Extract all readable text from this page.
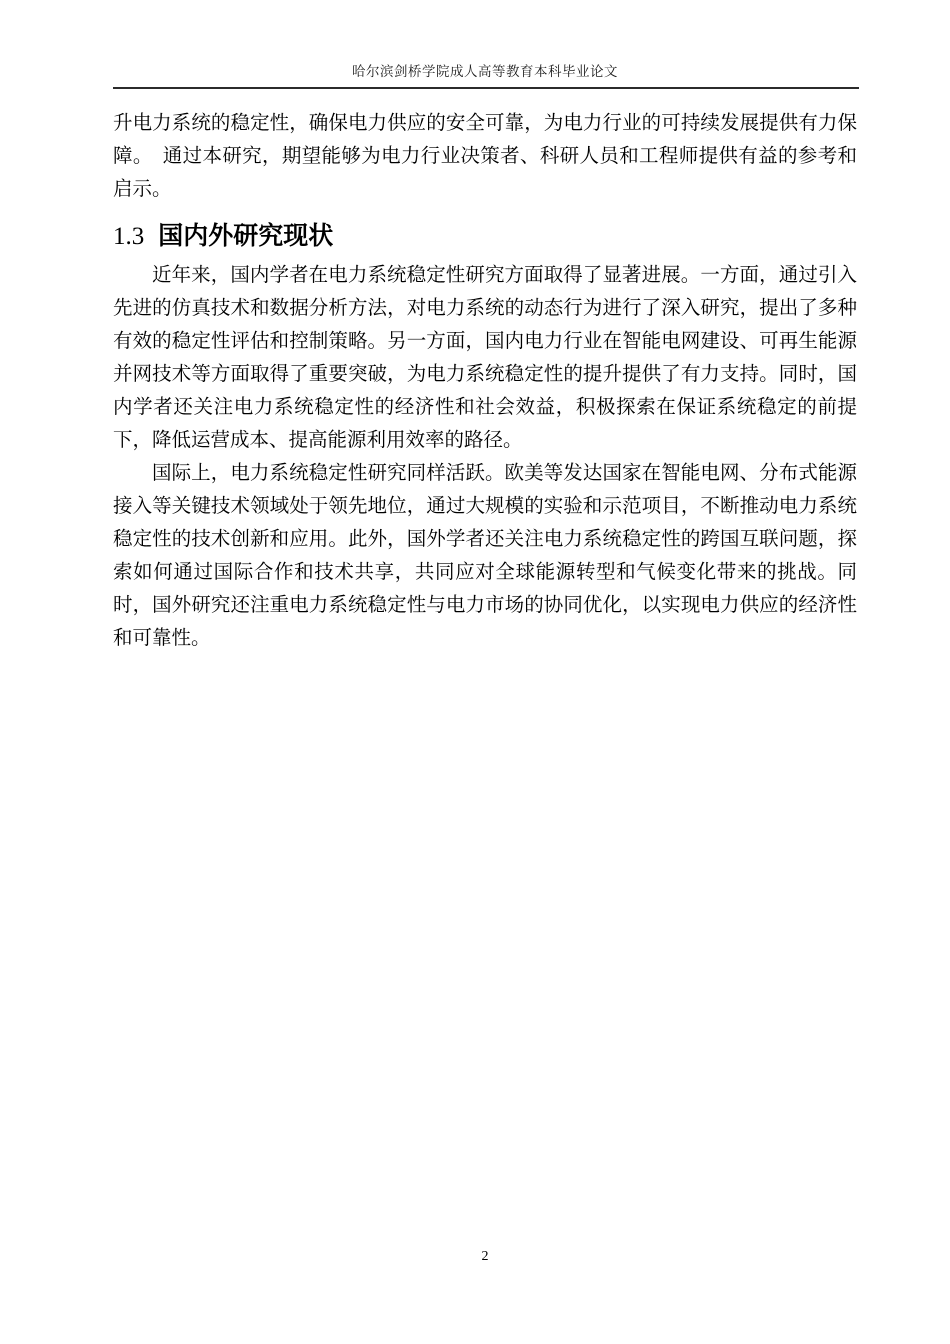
哈尔滨剑桥学院成人高等教育本科毕业论文

升电力系统的稳定性，确保电力供应的安全可靠，为电力行业的可持续发展提供有力保障。　通过本研究，期望能够为电力行业决策者、科研人员和工程师提供有益的参考和启示。

1.3 国内外研究现状

近年来，国内学者在电力系统稳定性研究方面取得了显著进展。一方面，通过引入先进的仿真技术和数据分析方法，对电力系统的动态行为进行了深入研究，提出了多种有效的稳定性评估和控制策略。另一方面，国内电力行业在智能电网建设、可再生能源并网技术等方面取得了重要突破，为电力系统稳定性的提升提供了有力支持。同时，国内学者还关注电力系统稳定性的经济性和社会效益，积极探索在保证系统稳定的前提下，降低运营成本、提高能源利用效率的路径。

国际上，电力系统稳定性研究同样活跃。欧美等发达国家在智能电网、分布式能源接入等关键技术领域处于领先地位，通过大规模的实验和示范项目，不断推动电力系统稳定性的技术创新和应用。此外，国外学者还关注电力系统稳定性的跨国互联问题，探索如何通过国际合作和技术共享，共同应对全球能源转型和气候变化带来的挑战。同时，国外研究还注重电力系统稳定性与电力市场的协同优化，以实现电力供应的经济性和可靠性。

2
